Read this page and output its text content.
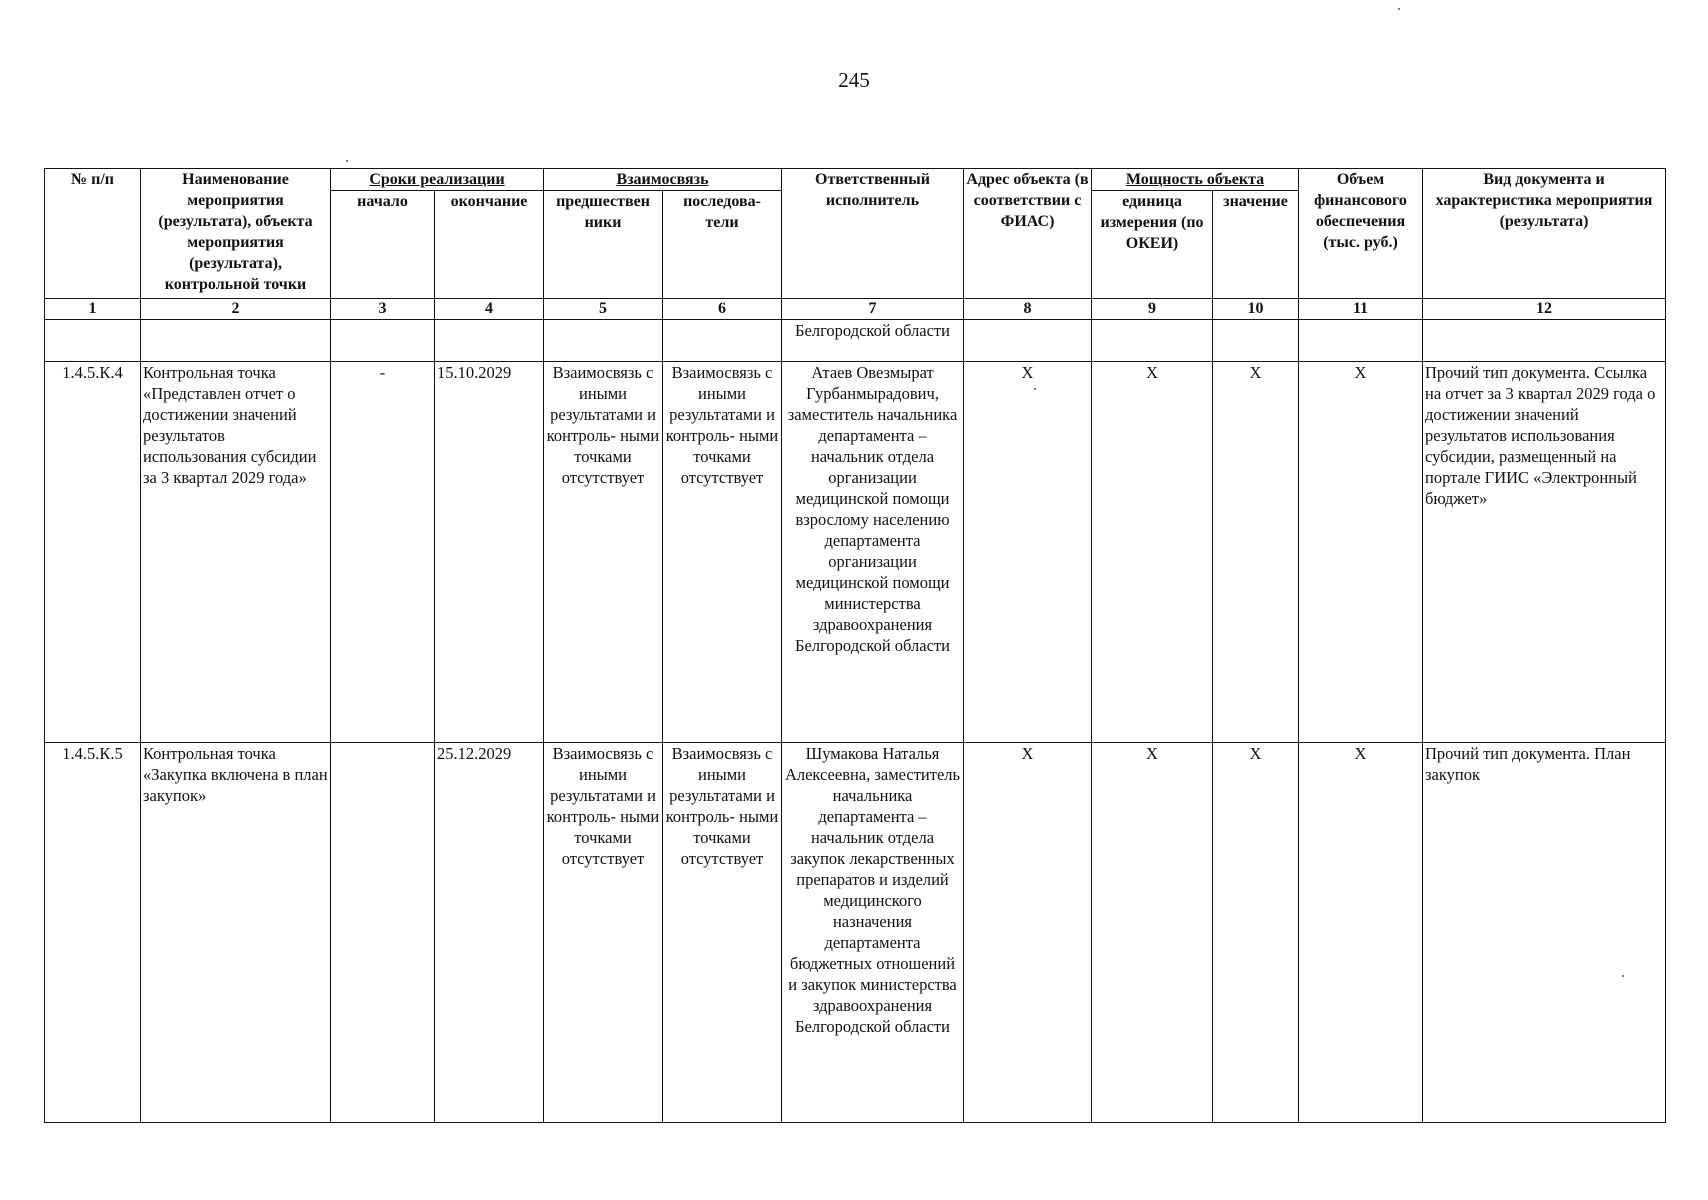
245
№ п/п	Наименование мероприятия (результата), объекта мероприятия (результата), контрольной точки	Сроки реализации		Взаимосвязь		Ответственный исполнитель	Адрес объекта (в соответствии с ФИАС)	Мощность объекта		Объем финансового обеспечения (тыс. руб.)	Вид документа и характеристика мероприятия (результата)
		начало	окончание	предшествен ники	последова- тели			единица измерения (по ОКЕИ)	значение		
1	2	3	4	5	6	7	8	9	10	11	12
						Белгородской области					
1.4.5.К.4	Контрольная точка «Представлен отчет о достижении значений результатов использования субсидии за 3 квартал 2029 года»	-	15.10.2029	Взаимосвязь с иными результатами и контроль- ными точками отсутствует	Взаимосвязь с иными результатами и контроль- ными точками отсутствует	Атаев Овезмырат Гурбанмырадович, заместитель начальника департамента – начальник отдела организации медицинской помощи взрослому населению департамента организации медицинской помощи министерства здравоохранения Белгородской области	X	X	X	X	Прочий тип документа. Ссылка на отчет за 3 квартал 2029 года о достижении значений результатов использования субсидии, размещенный на портале ГИИС «Электронный бюджет»
1.4.5.К.5	Контрольная точка «Закупка включена в план закупок»		25.12.2029	Взаимосвязь с иными результатами и контроль- ными точками отсутствует	Взаимосвязь с иными результатами и контроль- ными точками отсутствует	Шумакова Наталья Алексеевна, заместитель начальника департамента – начальник отдела закупок лекарственных препаратов и изделий медицинского назначения департамента бюджетных отношений и закупок министерства здравоохранения Белгородской области	X	X	X	X	Прочий тип документа. План закупок
